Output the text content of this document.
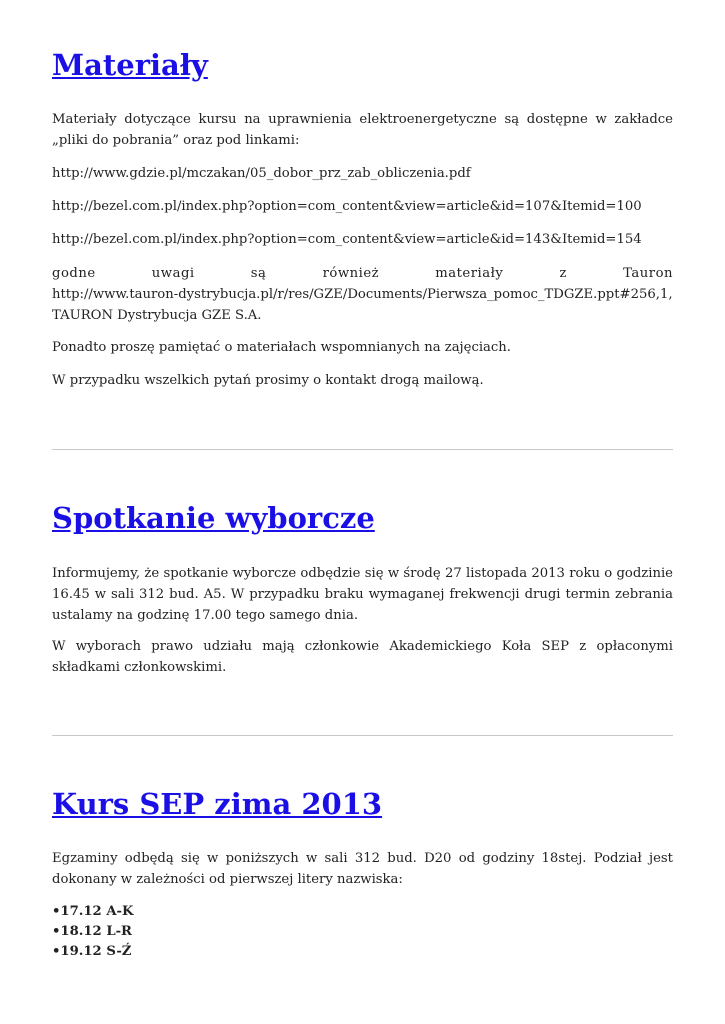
Materiały

Materiały dotyczące kursu na uprawnienia elektroenergetyczne są dostępne w zakładce „pliki do pobrania” oraz pod linkami:

http://www.gdzie.pl/mczakan/05_dobor_prz_zab_obliczenia.pdf

http://bezel.com.pl/index.php?option=com_content&view=article&id=107&Itemid=100

http://bezel.com.pl/index.php?option=com_content&view=article&id=143&Itemid=154

godne uwagi są również materiały z Tauron

http://www.tauron-dystrybucja.pl/r/res/GZE/Documents/Pierwsza_pomoc_TDGZE.ppt#256,1,TAURON Dystrybucja GZE S.A.

Ponadto proszę pamiętać o materiałach wspomnianych na zajęciach.

W przypadku wszelkich pytań prosimy o kontakt drogą mailową.

Spotkanie wyborcze

Informujemy, że spotkanie wyborcze odbędzie się w środę 27 listopada 2013 roku o godzinie 16.45 w sali 312 bud. A5. W przypadku braku wymaganej frekwencji drugi termin zebrania ustalamy na godzinę 17.00 tego samego dnia.

W wyborach prawo udziału mają członkowie Akademickiego Koła SEP z opłaconymi składkami członkowskimi.

Kurs SEP zima 2013

Egzaminy odbędą się w poniższych w sali 312 bud. D20 od godziny 18stej. Podział jest dokonany w zależności od pierwszej litery nazwiska:

•17.12 A-K

•18.12 L-R

•19.12 S-Ź
